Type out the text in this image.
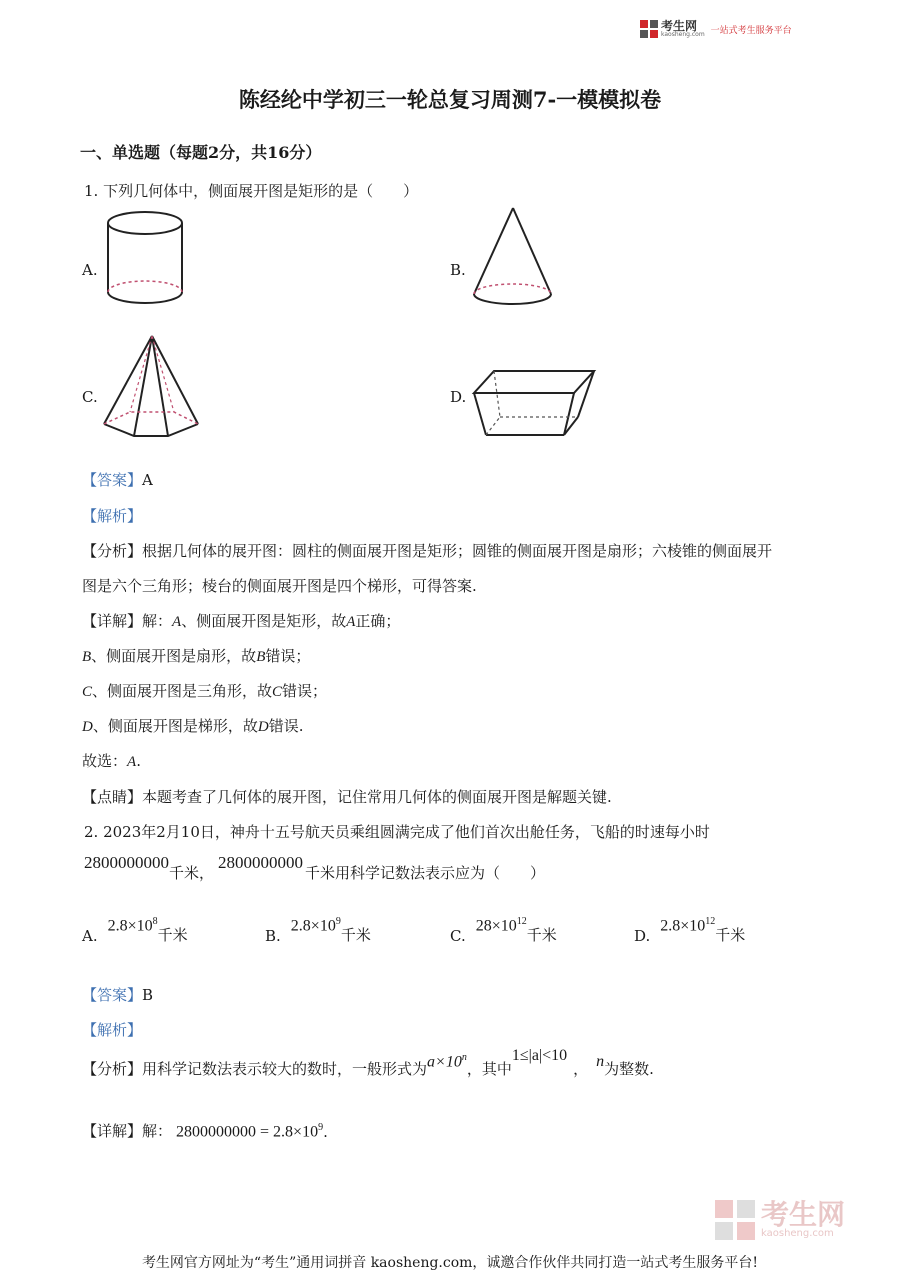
考生网
kaosheng.com 一站式考生服务平台
陈经纶中学初三一轮总复习周测7-一模模拟卷
一、单选题（每题2分，共16分）
1. 下列几何体中，侧面展开图是矩形的是（　　）
A.	B.
C.	D.
【答案】A
【解析】
【分析】根据几何体的展开图：圆柱的侧面展开图是矩形；圆锥的侧面展开图是扇形；六棱锥的侧面展开
图是六个三角形；棱台的侧面展开图是四个梯形，可得答案.
【详解】解：A、侧面展开图是矩形，故A正确；
B、侧面展开图是扇形，故B错误；
C、侧面展开图是三角形，故C错误；
D、侧面展开图是梯形，故D错误.
故选：A.
【点睛】本题考查了几何体的展开图，记住常用几何体的侧面展开图是解题关键.
2. 2023年2月10日，神舟十五号航天员乘组圆满完成了他们首次出舱任务，飞船的时速每小时
2800000000
千米，
2800000000
千米用科学记数法表示应为（　　）
A.
$2.8\times 10^8$
千米	B.
$2.8\times 10^9$
千米	C.
$28\times 10^{12}$
千米	D.
$2.8\times 10^{12}$
千米
【答案】B
【解析】
【分析】用科学记数法表示较大的数时，一般形式为 $a\times 10^n$
，其中
1≤|a|<10
， n 为整数.
【详解】解： $2800000000 = 2.8\times 10^9$ .
考生网
kaosheng.com
考生网官方网址为“考生”通用词拼音 kaosheng.com，诚邀合作伙伴共同打造一站式考生服务平台!
